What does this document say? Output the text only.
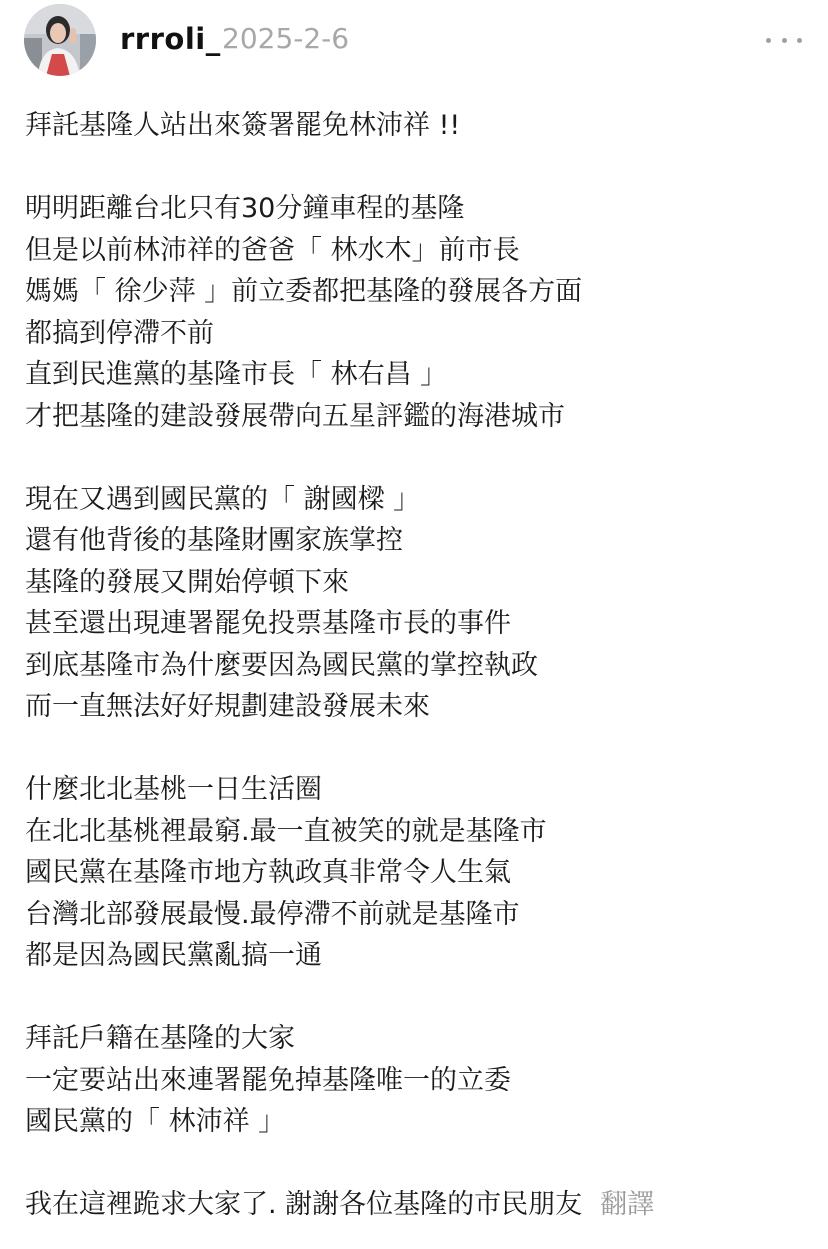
rrroli_ 2025-2-6
拜託基隆人站出來簽署罷免林沛祥 !!
明明距離台北只有30分鐘車程的基隆
但是以前林沛祥的爸爸「 林水木」前市長
媽媽「 徐少萍 」前立委都把基隆的發展各方面
都搞到停滯不前
直到民進黨的基隆市長「 林右昌 」
才把基隆的建設發展帶向五星評鑑的海港城市
現在又遇到國民黨的「 謝國樑 」
還有他背後的基隆財團家族掌控
基隆的發展又開始停頓下來
甚至還出現連署罷免投票基隆市長的事件
到底基隆市為什麼要因為國民黨的掌控執政
而一直無法好好規劃建設發展未來
什麼北北基桃一日生活圈
在北北基桃裡最窮.最一直被笑的就是基隆市
國民黨在基隆市地方執政真非常令人生氣
台灣北部發展最慢.最停滯不前就是基隆市
都是因為國民黨亂搞一通
拜託戶籍在基隆的大家
一定要站出來連署罷免掉基隆唯一的立委
國民黨的「 林沛祥 」
我在這裡跪求大家了. 謝謝各位基隆的市民朋友 翻譯
